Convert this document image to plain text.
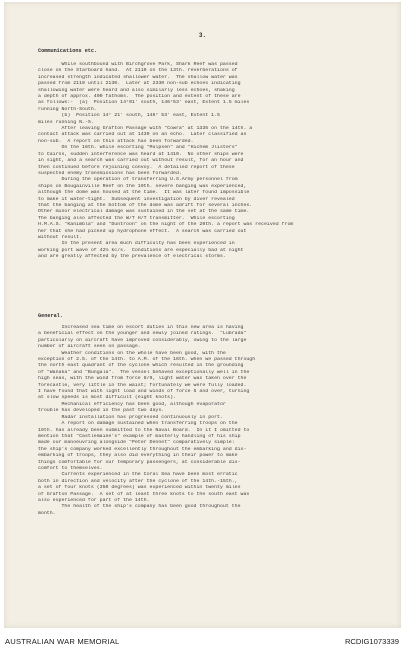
3.
Communications etc.

While southbound with Birchgrove Park, Shark Reef was passed

close on the Starboard hand.  At 2110 on the 13th. reverberations of

increased strength indicated shallower water.  The shallow water was

passed from 2110 until 2130.  Later at 2330 non-sub echoes indicating

shallowing water were heard and also similarly less echoes, shaking

a depth of approx. 400 fathoms.  The position and extent of these are

as follows:-  (a)  Position 14°01' south, 146°53' east, Extent 1.5 miles

running North-South.

(b)  Position 14° 21' south, 146° 53' east, Extent 1.5

miles running N.-S.

After leaving Grafton Passage with "Cowra" at 1335 on the 14th. a

contact attack was carried out at 1439 on an echo.  Later classified as

non-sub.  A report on this attack has been forwarded.

On the 16th. while escorting "Mulpsen" and "Hichem Jlisters"

to Cairns, sudden interference was heard at 1410.  No other ships were

in sight, and a search was carried out without result, for an hour and

then continued before rejoining convoy.  A detailed report of these

suspected enemy transmissions has been forwarded.

During the operation of transferring U.S.Army personnel from

ships on Bougainville Reef on the 19th. severe banging was experienced,

although the dome was housed at the time.  It was later found impossible

to make it water-tight.  Subsequent investigation by diver revealed

that the banging at the bottom of the dome was adrift for several inches.

Other minor electrical damage was sustained in the set at the same time.

The banging also affected the W/T H/T transmitter.  While escorting

H.M.A.S. "Kanimbla" and "Duntroon" on the night of the 20th. a report was received from

her that she had picked up hydrophone effect.  A search was carried out

without result.

In the present area much difficulty has been experienced in

working port wave of 42½ kc/s.  Conditions are especially bad at night

and are greatly affected by the prevalence of electrical storms.

General.

Increased sea time on escort duties in this new area is having

a beneficial effect on the younger and newly joined ratings.  "Lubrada"

particularly on aircraft have improved considerably, owing to the large

number of aircraft seen on passage.

Weather conditions on the whole have been good, with the

exception of 2.5. of the 14th. to A.M. of the 16th. when we passed through

the north east quadrant of the cyclone which resulted in the grounding

of "Wanaka" and "Bungala".  The vessel behaved exceptionally well in the

high seas, with the wind from force 8/9, light water was taken over the

forecastle, very little in the waist; fortunately we were fully loaded.

I have found that with light load and winds of force 5 and over, turning

at slow speeds is most difficult (eight knots).

Mechanical efficiency has been good, although evaporator

trouble has developed in the past two days.

Radar installation has progressed continuously in port.

A report on damage sustained when transferring troops on the

19th. has already been submitted to the Naval Board.  In it I omitted to

mention that "Castlemaine's" example of masterly handling of his ship

made our manoeuvring alongside "Peter Dennet" comparatively simple:

the ship's company worked excellently throughout the embarking and dis-

embarking of troops, they also did everything in their power to make

things comfortable for our temporary passengers, at considerable dis-

comfort to themselves.

Currents experienced in the Coral Sea have been most erratic

both in direction and velocity after the cyclone of the 14th.-15th.,

a set of four knots (350 degrees) was experienced within twenty miles

of Grafton Passage.  A set of at least three knots to the south east was

also experienced for part of the 14th.

The health of the ship's company has been good throughout the

month.

AUSTRALIAN WAR MEMORIAL	RCDIG1073339
